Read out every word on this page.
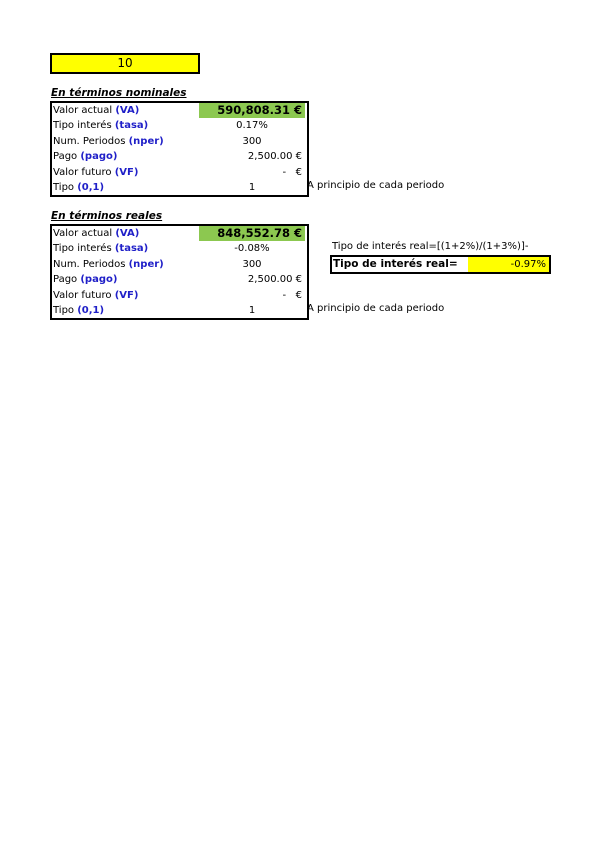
10
En términos nominales
Valor actual (VA)	590,808.31 €
Tipo interés (tasa)	0.17%
Num. Periodos (nper)	300
Pago (pago)	2,500.00 €
Valor futuro (VF)	-   €
Tipo (0,1)	1	A principio de cada periodo
En términos reales
Valor actual (VA)	848,552.78 €
Tipo interés (tasa)	-0.08%
Num. Periodos (nper)	300
Pago (pago)	2,500.00 €
Valor futuro (VF)	-   €
Tipo (0,1)	1	A principio de cada periodo
Tipo de interés real=[(1+2%)/(1+3%)]-
Tipo de interés real=	-0.97%
